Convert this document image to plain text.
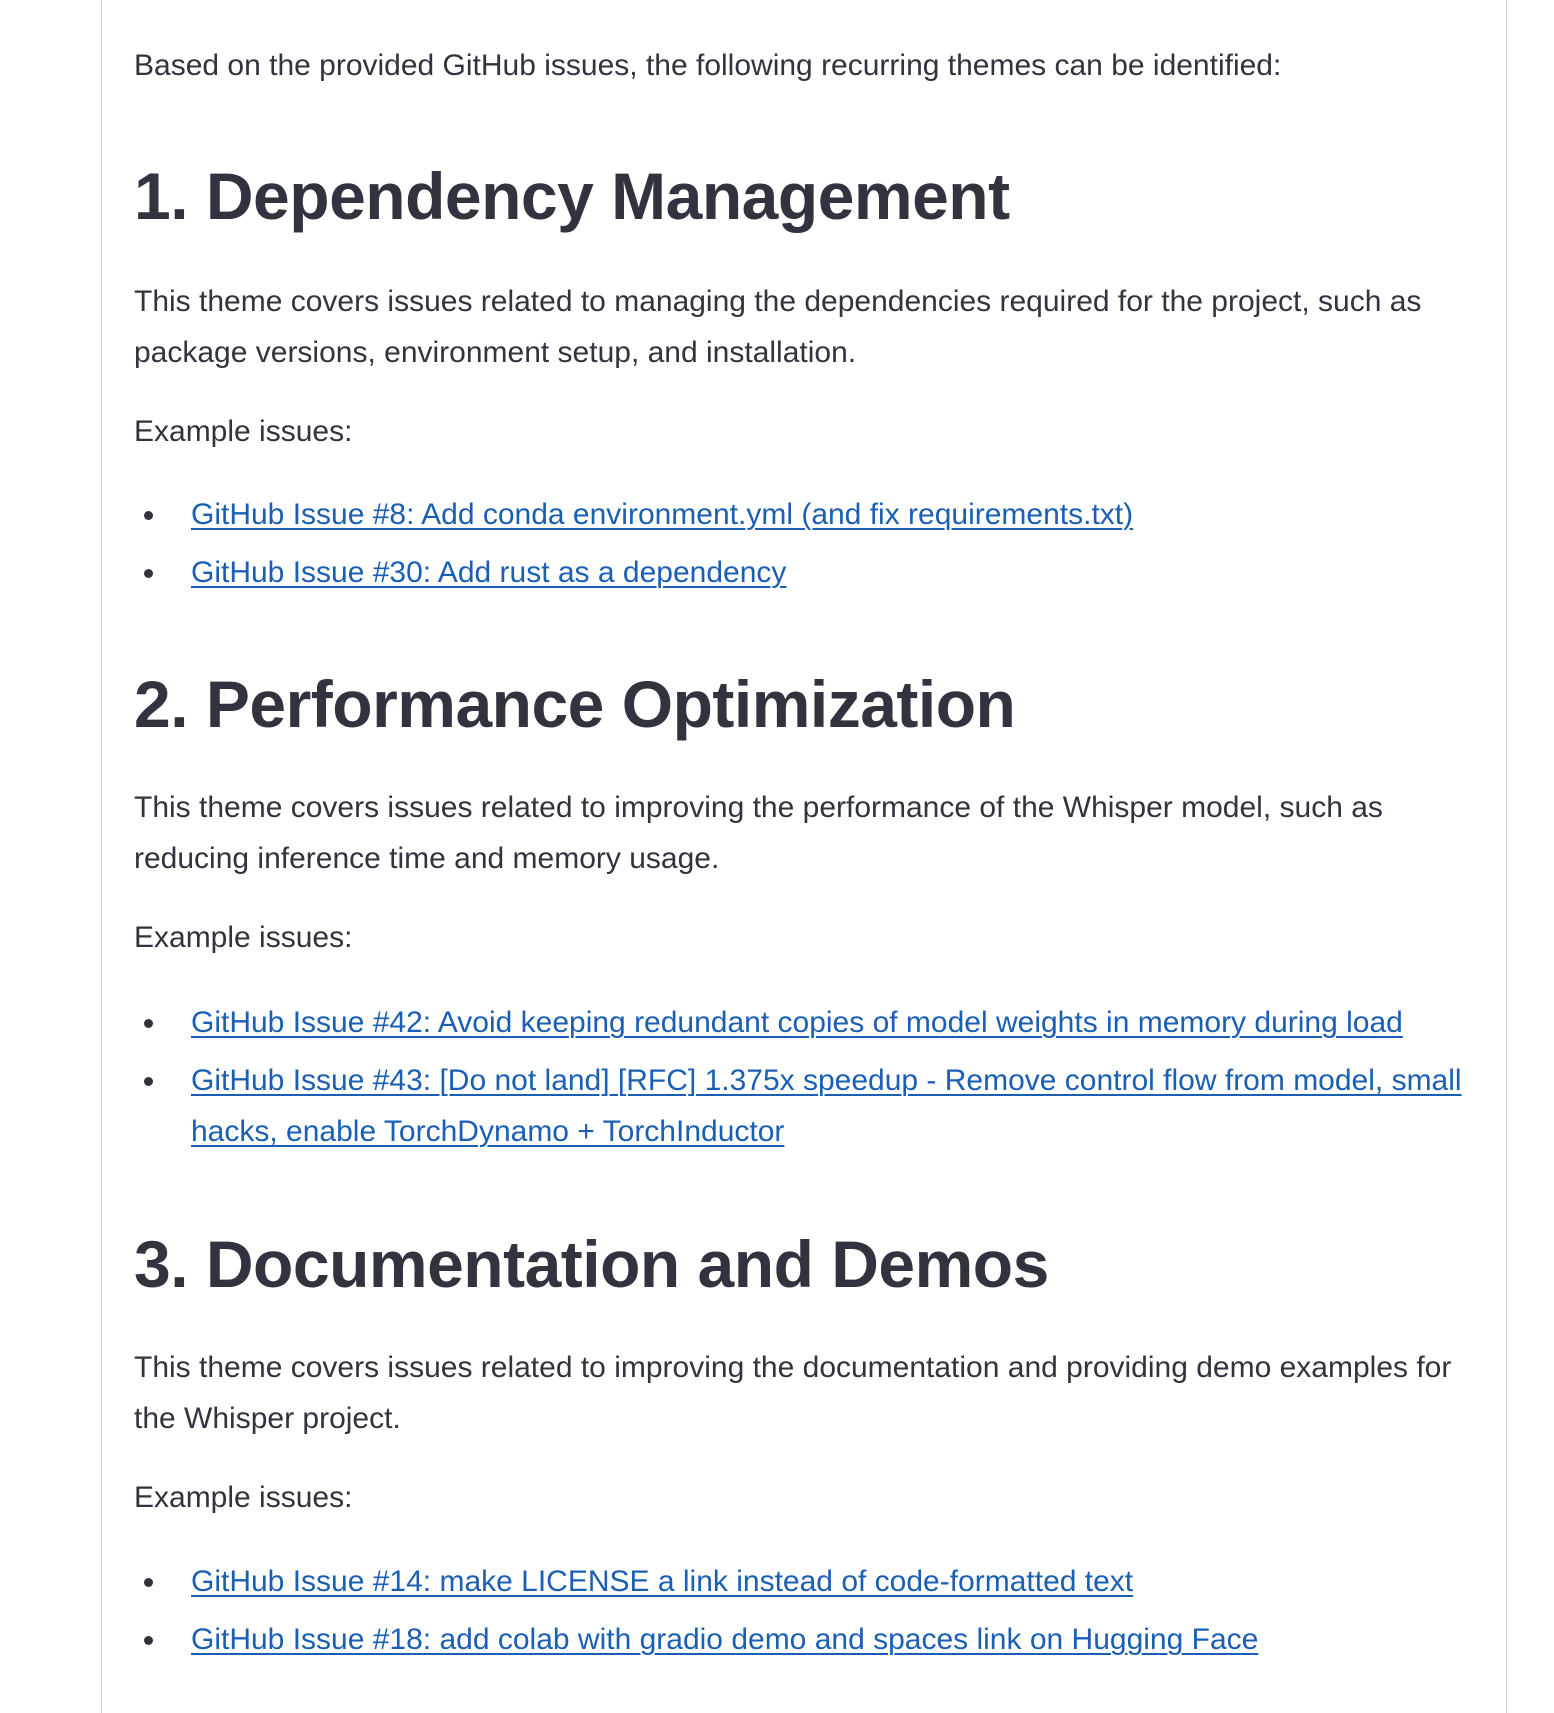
Based on the provided GitHub issues, the following recurring themes can be identified:

1. Dependency Management

This theme covers issues related to managing the dependencies required for the project, such as package versions, environment setup, and installation.

Example issues:

GitHub Issue #8: Add conda environment.yml (and fix requirements.txt)
GitHub Issue #30: Add rust as a dependency
2. Performance Optimization

This theme covers issues related to improving the performance of the Whisper model, such as reducing inference time and memory usage.

Example issues:

GitHub Issue #42: Avoid keeping redundant copies of model weights in memory during load
GitHub Issue #43: [Do not land] [RFC] 1.375x speedup - Remove control flow from model, small hacks, enable TorchDynamo + TorchInductor
3. Documentation and Demos

This theme covers issues related to improving the documentation and providing demo examples for the Whisper project.

Example issues:

GitHub Issue #14: make LICENSE a link instead of code-formatted text
GitHub Issue #18: add colab with gradio demo and spaces link on Hugging Face
